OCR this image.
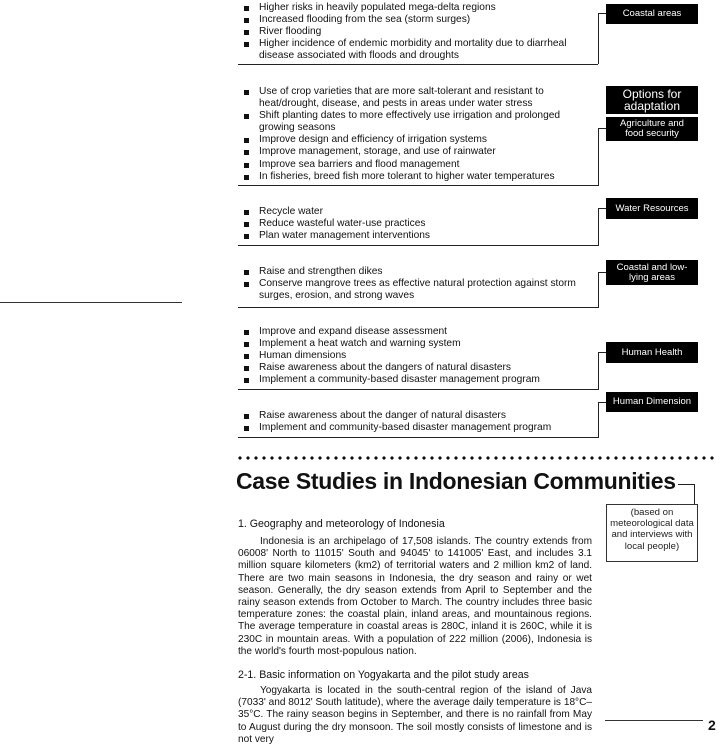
Higher risks in heavily populated mega-delta regions
Increased flooding from the sea (storm surges)
River flooding
Higher incidence of endemic morbidity and mortality due to diarrheal disease associated with floods and droughts
Coastal areas
Options for adaptation
Use of crop varieties that are more salt-tolerant and resistant to heat/drought, disease, and pests in areas under water stress
Shift planting dates to more effectively use irrigation and prolonged growing seasons
Improve design and efficiency of irrigation systems
Improve management, storage, and use of rainwater
Improve sea barriers and flood management
In fisheries, breed fish more tolerant to higher water temperatures
Agriculture and food security
Recycle water
Reduce wasteful water-use practices
Plan water management interventions
Water Resources
Raise and strengthen dikes
Conserve mangrove trees as effective natural protection against storm surges, erosion, and strong waves
Coastal and low-lying areas
Improve and expand disease assessment
Implement a heat watch and warning system
Human dimensions
Raise awareness about the dangers of natural disasters
Implement a community-based disaster management program
Human Health
Raise awareness about the danger of natural disasters
Implement and community-based disaster management program
Human Dimension
Case Studies in Indonesian Communities
(based on meteorological data and interviews with local people)
1. Geography and meteorology of Indonesia

Indonesia is an archipelago of 17,508 islands. The country extends from 06008' North to 11015' South and 94045' to 141005' East, and includes 3.1 million square kilometers (km2) of territorial waters and 2 million km2 of land. There are two main seasons in Indonesia, the dry season and rainy or wet season. Generally, the dry season extends from April to September and the rainy season extends from October to March. The country includes three basic temperature zones: the coastal plain, inland areas, and mountainous regions. The average temperature in coastal areas is 280C, inland it is 260C, while it is 230C in mountain areas. With a population of 222 million (2006), Indonesia is the world's fourth most-populous nation.

2-1. Basic information on Yogyakarta and the pilot study areas

Yogyakarta is located in the south-central region of the island of Java (7033' and 8012' South latitude), where the average daily temperature is 18°C–35°C. The rainy season begins in September, and there is no rainfall from May to August during the dry monsoon. The soil mostly consists of limestone and is not very

2
